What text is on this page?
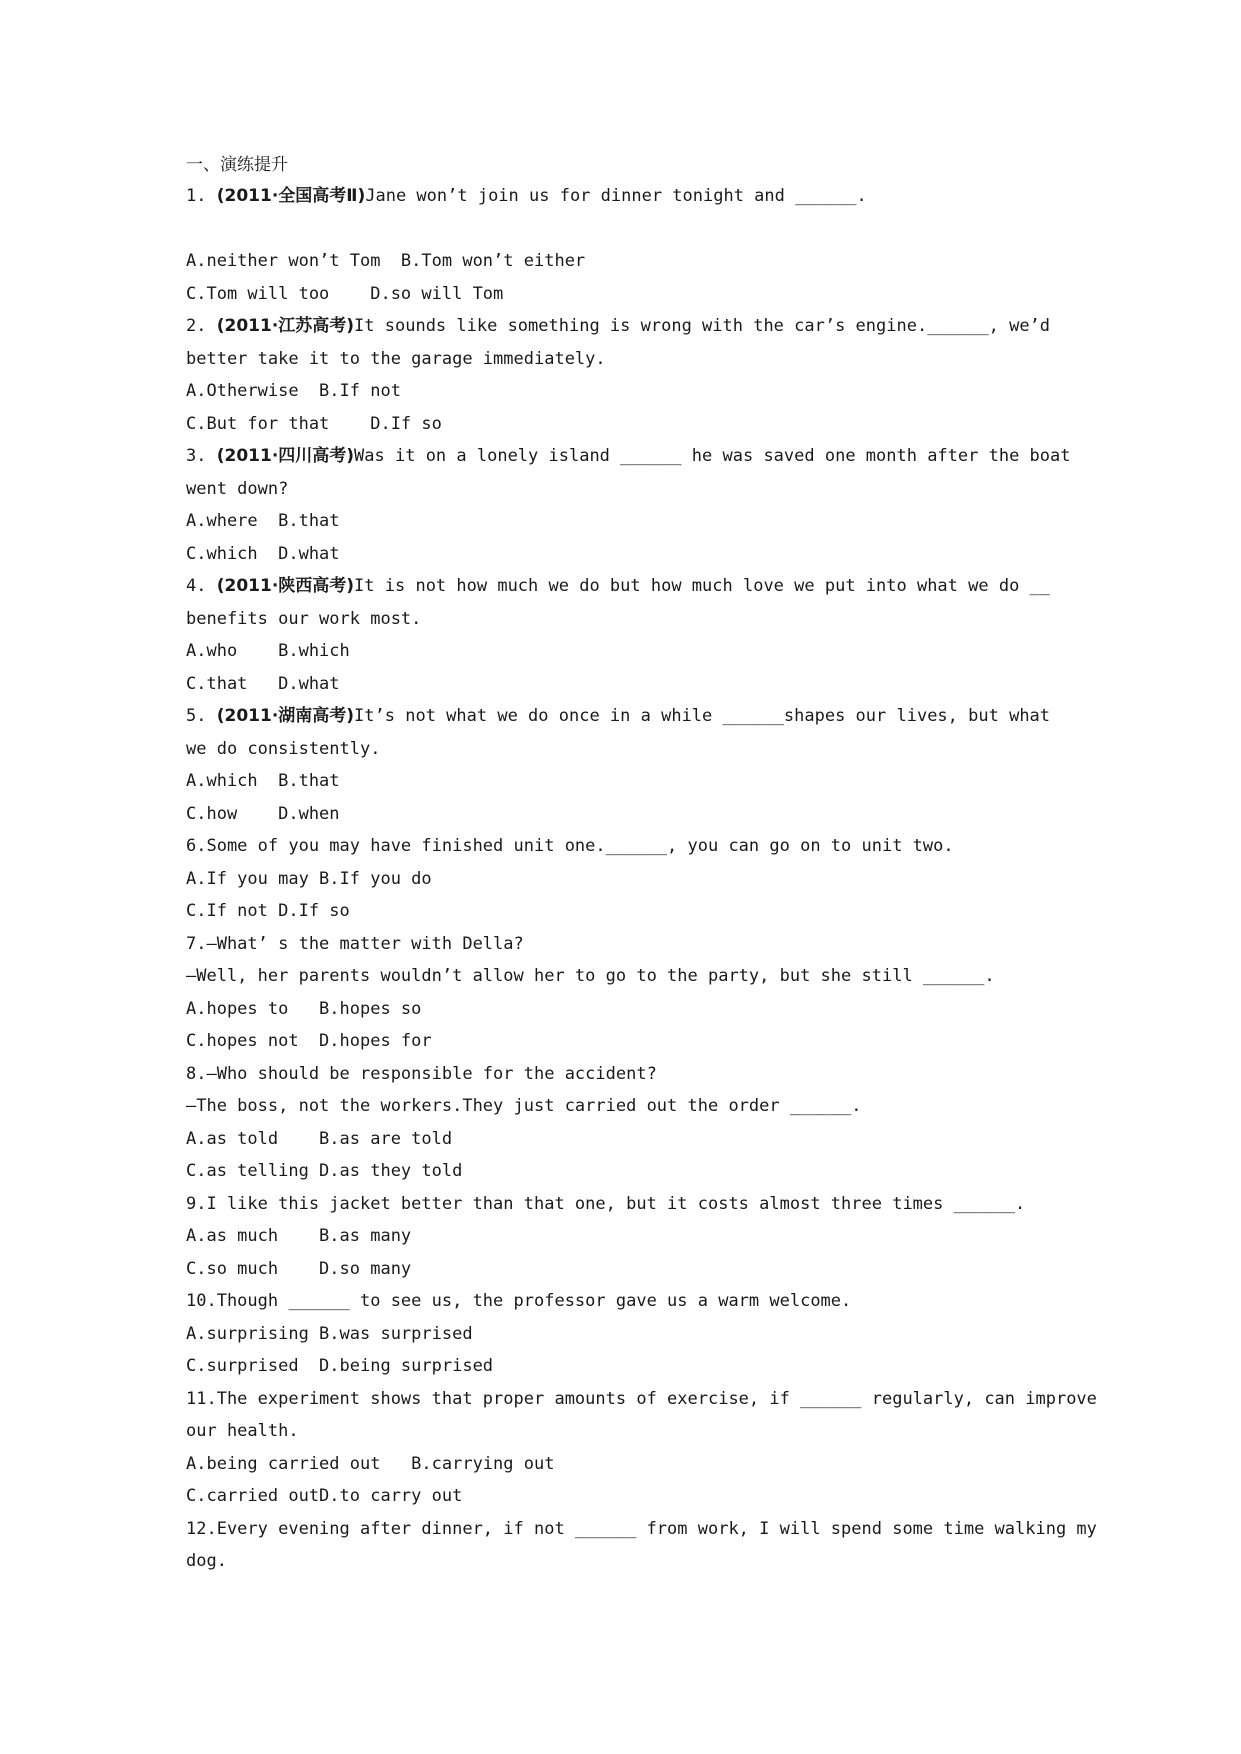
一、演练提升
1. (2011·全国高考Ⅱ)Jane won’t join us for dinner tonight and ______.
A.neither won’t Tom  B.Tom won’t either
C.Tom will too    D.so will Tom
2. (2011·江苏高考)It sounds like something is wrong with the car’s engine.______, we’d
better take it to the garage immediately.
A.Otherwise  B.If not
C.But for that    D.If so
3. (2011·四川高考)Was it on a lonely island ______ he was saved one month after the boat
went down?
A.where  B.that
C.which  D.what
4. (2011·陕西高考)It is not how much we do but how much love we put into what we do __
benefits our work most.
A.who    B.which
C.that   D.what
5. (2011·湖南高考)It’s not what we do once in a while ______shapes our lives, but what
we do consistently.
A.which  B.that
C.how    D.when
6.Some of you may have finished unit one.______, you can go on to unit two.
A.If you may B.If you do
C.If not D.If so
7.—What’ s the matter with Della?
—Well, her parents wouldn’t allow her to go to the party, but she still ______.
A.hopes to   B.hopes so
C.hopes not  D.hopes for
8.—Who should be responsible for the accident?
—The boss, not the workers.They just carried out the order ______.
A.as told    B.as are told
C.as telling D.as they told
9.I like this jacket better than that one, but it costs almost three times ______.
A.as much    B.as many
C.so much    D.so many
10.Though ______ to see us, the professor gave us a warm welcome.
A.surprising B.was surprised
C.surprised  D.being surprised
11.The experiment shows that proper amounts of exercise, if ______ regularly, can improve
our health.
A.being carried out   B.carrying out
C.carried outD.to carry out
12.Every evening after dinner, if not ______ from work, I will spend some time walking my
dog.
